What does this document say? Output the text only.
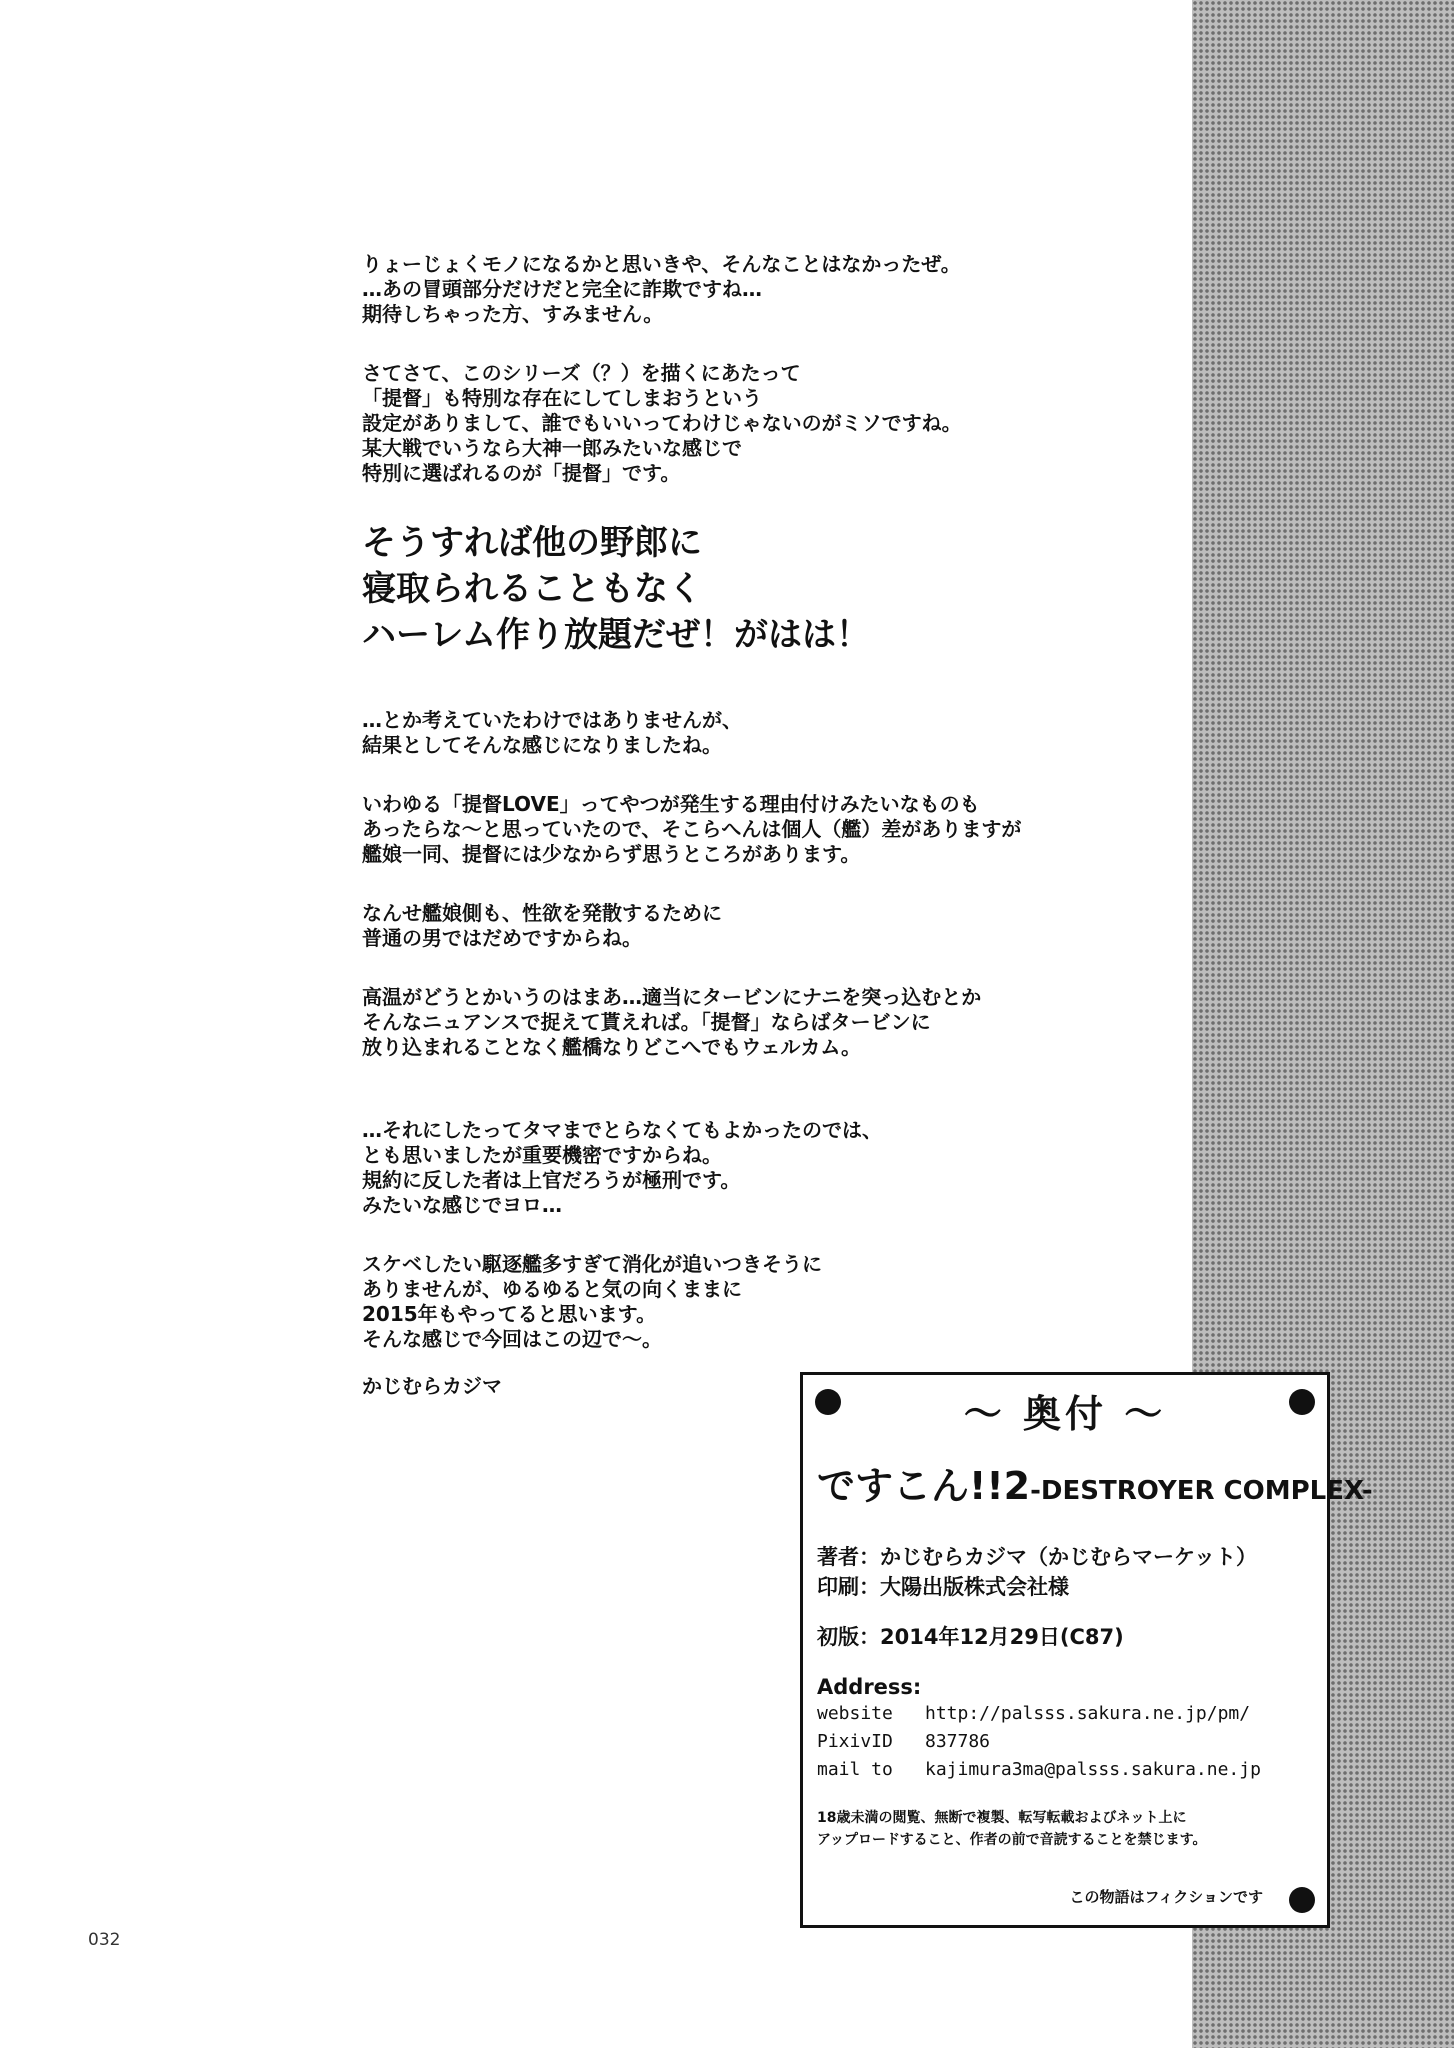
りょーじょくモノになるかと思いきや、そんなことはなかったぜ。
…あの冒頭部分だけだと完全に詐欺ですね…
期待しちゃった方、すみません。
さてさて、このシリーズ（？）を描くにあたって
「提督」も特別な存在にしてしまおうという
設定がありまして、誰でもいいってわけじゃないのがミソですね。
某大戦でいうなら大神一郎みたいな感じで
特別に選ばれるのが「提督」です。
そうすれば他の野郎に
寝取られることもなく
ハーレム作り放題だぜ！がはは！
…とか考えていたわけではありませんが、
結果としてそんな感じになりましたね。
いわゆる「提督LOVE」ってやつが発生する理由付けみたいなものも
あったらな～と思っていたので、そこらへんは個人（艦）差がありますが
艦娘一同、提督には少なからず思うところがあります。
なんせ艦娘側も、性欲を発散するために
普通の男ではだめですからね。
高温がどうとかいうのはまあ…適当にタービンにナニを突っ込むとか
そんなニュアンスで捉えて貰えれば。「提督」ならばタービンに
放り込まれることなく艦橋なりどこへでもウェルカム。
…それにしたってタマまでとらなくてもよかったのでは、
とも思いましたが重要機密ですからね。
規約に反した者は上官だろうが極刑です。
みたいな感じでヨロ…
スケベしたい駆逐艦多すぎて消化が追いつきそうに
ありませんが、ゆるゆると気の向くままに
2015年もやってると思います。
そんな感じで今回はこの辺で～。
かじむらカジマ
032
～ 奥付 ～
ですこん!!2-DESTROYER COMPLEX-
著者：かじむらカジマ（かじむらマーケット）
印刷：大陽出版株式会社様
初版：2014年12月29日(C87)
Address:
website http://palsss.sakura.ne.jp/pm/
PixivID 837786
mail to kajimura3ma@palsss.sakura.ne.jp
18歳未満の閲覧、無断で複製、転写転載およびネット上に
アップロードすること、作者の前で音読することを禁じます。
この物語はフィクションです
